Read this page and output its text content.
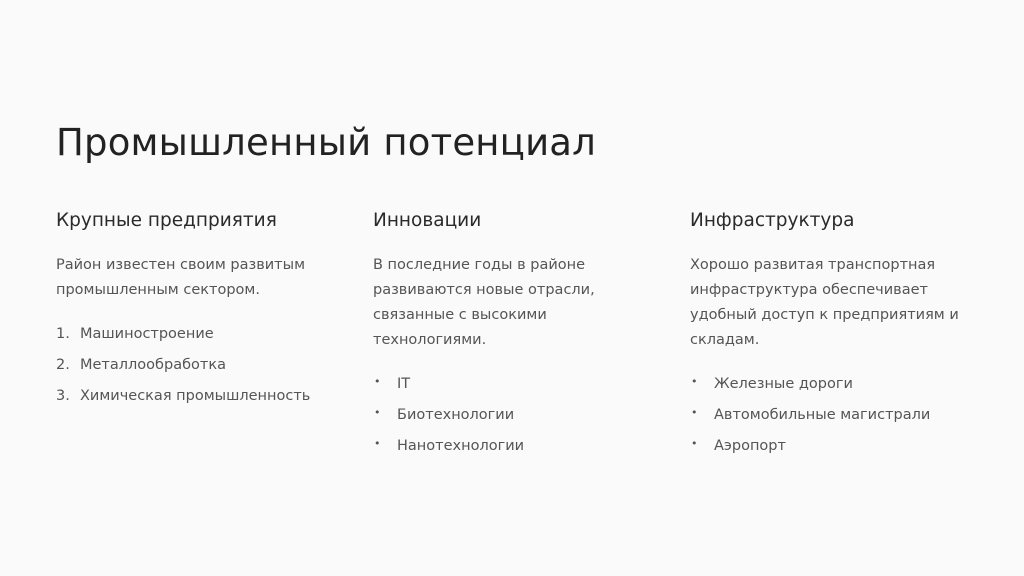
Промышленный потенциал
Крупные предприятия

Район известен своим развитым промышленным сектором.

1. Машиностроение
2. Металлообработка
3. Химическая промышленность
Инновации

В последние годы в районе развиваются новые отрасли, связанные с высокими технологиями.

• IT
• Биотехнологии
• Нанотехнологии
Инфраструктура

Хорошо развитая транспортная инфраструктура обеспечивает удобный доступ к предприятиям и складам.

• Железные дороги
• Автомобильные магистрали
• Аэропорт
